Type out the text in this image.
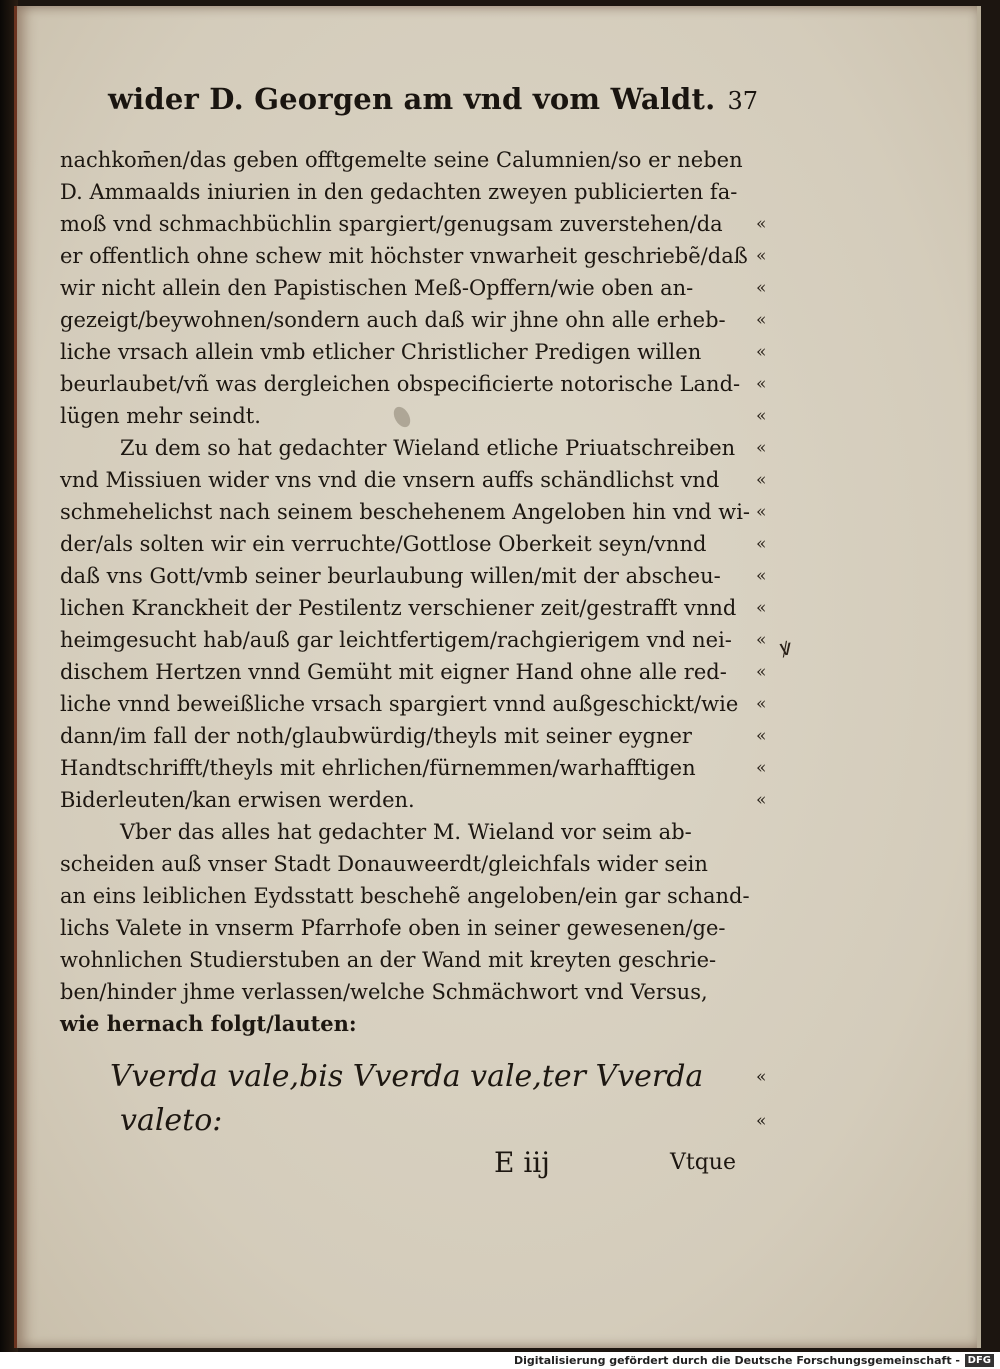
wider D. Georgen am vnd vom Waldt. 37
nachkom̄en/das geben offtgemelte seine Calumnien/so er neben
D. Ammaalds iniurien in den gedachten zweyen publicierten fa-
moß vnd schmachbüchlin spargiert/genugsam zuverstehen/da «
er offentlich ohne schew mit höchster vnwarheit geschriebẽ/daß «
wir nicht allein den Papistischen Meß-Opffern/wie oben an-	«
gezeigt/beywohnen/sondern auch daß wir jhne ohn alle erheb- «
liche vrsach allein vmb etlicher Christlicher Predigen willen	«
beurlaubet/vñ was dergleichen obspecificierte notorische Land- «
lügen mehr seindt.	«
Zu dem so hat gedachter Wieland etliche Priuatschreiben «
vnd Missiuen wider vns vnd die vnsern auffs schändlichst vnd «
schmehelichst nach seinem beschehenem Angeloben hin vnd wi- «
der/als solten wir ein verruchte/Gottlose Oberkeit seyn/vnnd	«
daß vns Gott/vmb seiner beurlaubung willen/mit der abscheu- «
lichen Kranckheit der Pestilentz verschiener zeit/gestrafft vnnd «
heimgesucht hab/auß gar leichtfertigem/rachgierigem vnd nei- «
dischem Hertzen vnnd Gemüht mit eigner Hand ohne alle red- «
liche vnnd beweißliche vrsach spargiert vnnd außgeschickt/wie «
dann/im fall der noth/glaubwürdig/theyls mit seiner eygner	«
Handtschrifft/theyls mit ehrlichen/fürnemmen/warhafftigen	«
Biderleuten/kan erwisen werden.	«
Vber das alles hat gedachter M. Wieland vor seim ab-
scheiden auß vnser Stadt Donauweerdt/gleichfals wider sein
an eins leiblichen Eydsstatt beschehẽ angeloben/ein gar schand-
lichs Valete in vnserm Pfarrhofe oben in seiner gewesenen/ge-
wohnlichen Studierstuben an der Wand mit kreyten geschrie-
ben/hinder jhme verlassen/welche Schmächwort vnd Versus,
wie hernach folgt/lauten:
ꝟ
Vverda vale,bis Vverda vale,ter Vverda	«
valeto:	«
E iij	Vtque
Digitalisierung gefördert durch die Deutsche Forschungsgemeinschaft - DFG
